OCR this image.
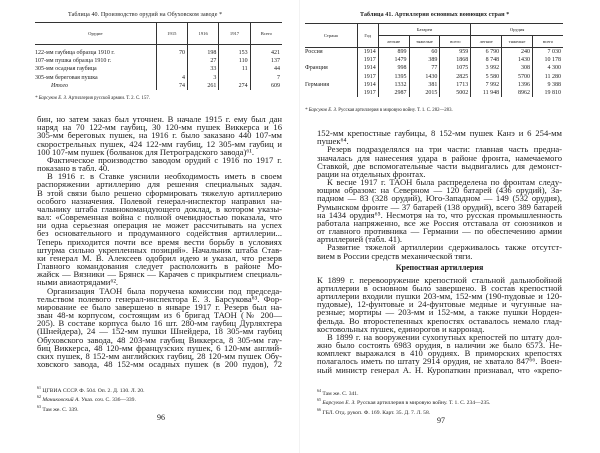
Таблица 40. Производство орудий на Обуховском заводе *
Орудие	1915	1916	1917	Всего
122-мм гаубица образца 1910 г.	70	198	153	421
107-мм пушка образца 1910 г.		27	110	137
305-мм осадная гаубица		33	11	44
305-мм береговая пушка	4	3		7
Итого	74	261	274	609
* Барсуков Е. З. Артиллерия русской армии. Т. 2. С. 157.
бин, но затем заказ был уточнен. В начале 1915 г. ему был дан
наряд на 70 122-мм гаубиц, 30 120-мм пушек Виккерса и 16
305-мм береговых пушек, на 1916 г. было заказано 440 107-мм
скорострельных пушек, 424 122-мм гаубиц, 12 305-мм гаубиц и
100 107-мм пушек (болванок для Петроградского завода)⁶¹.
Фактическое производство заводом орудий с 1916 по 1917 г.
показано в табл. 40.
В 1916 г. в Ставке уяснили необходимость иметь в своем
распоряжении артиллерию для решения специальных задач.
В этой связи было решено сформировать тяжелую артиллерию
особого назначения. Полевой генерал-инспектор направил на-
чальнику штаба главнокомандующего доклад, в котором указы-
вал: «Современная война с полной очевидностью показала, что
ни одна серьезная операция не может рассчитывать на успех
без основательного и продуманного содействия артиллерии...
Теперь приходится почти все время вести борьбу в условиях
штурма сильно укрепленных позиций». Начальник штаба Став-
ки генерал М. В. Алексеев одобрил идею и указал, что резерв
Главного командования следует расположить в районе Мо-
жайск — Вязники — Брянск — Карачев с прикрытием специаль-
ными авиаотрядами⁶².
Организация ТАОН была поручена комиссии под председа-
тельством полевого генерал-инспектора Е. З. Барсукова⁶³. Фор-
мирование ее было завершено в январе 1917 г. Резерв был на-
зван 48-м корпусом, состоящим из 6 бригад ТАОН (№ 200—
205). В составе корпуса было 16 шт. 280-мм гаубиц Дурляхтера
(Шнейдера), 24 — 152-мм пушки Шнейдера, 18 305-мм гаубиц
Обуховского завода, 48 203-мм гаубиц Виккерса, 8 305-мм гау-
биц Виккерса, 48 120-мм французских пушек, 6 120-мм англий-
ских пушек, 8 152-мм английских гаубиц, 28 120-мм пушек Обу-
ховского завода, 48 152-мм осадных пушек (в 200 пудов), 72
$^{61}$ ЦГВИА СССР. Ф. 504. Оп. 2. Д. 130. Л. 20.
$^{62}$ Маниковский А. Указ. соч. С. 336—339.
$^{63}$ Там же. С. 339.
96
Таблица 41. Артиллерия основных воюющих стран *
Страна	Год	Батареи			Орудия		
		легкие	тяжелые	всего	легкие	тяжелые	всего
Россия	1914	899	60	959	6 790	240	7 030
	1917	1479	389	1868	8 748	1430	10 178
Франция	1914	998	77	1075	3 992	308	4 300
	1917	1395	1430	2825	5 580	5700	11 280
Германия	1914	1332	381	1713	7 992	1396	9 388
	1917	2987	2015	5002	11 948	8962	19 810
* Барсуков Е. З. Русская артиллерия в мировую войну. Т. 1. С. 282—283.
152-мм крепостные гаубицы, 8 152-мм пушек Канэ и 6 254-мм
пушек⁶⁴.
Резерв подразделялся на три части: главная часть предна-
значалась для нанесения удара в районе фронта, намечаемого
Ставкой, две вспомогательные части выдвигались для демонст-
рации на отдельных фронтах.
К весне 1917 г. ТАОН была распределена по фронтам следу-
ющим образом: на Северном — 120 батарей (436 орудий), За-
падном — 83 (328 орудий), Юго-Западном — 149 (532 орудия),
Румынском фронте — 37 батарей (138 орудий), всего 389 батарей
на 1434 орудия⁶⁵. Несмотря на то, что русская промышленность
работала напряженно, все же Россия отставала от союзников и
от главного противника — Германии — по обеспечению армии
артиллерией (табл. 41).
Развитие тяжелой артиллерии сдерживалось также отсутст-
вием в России средств механической тяги.
Крепостная артиллерия
К 1899 г. перевооружение крепостной стальной дальнобойной
артиллерии в основном было завершено. В состав крепостной
артиллерии входили пушки 203-мм, 152-мм (190-пудовые и 120-
пудовые), 12-фунтовые и 24-фунтовые медные и чугунные на-
резные; мортиры — 203-мм и 152-мм, а также пушки Норден-
фельда. Во второстепенных крепостях оставалось немало глад-
костовольных пушек, единорогов и карронад.
В 1899 г. на вооружении сухопутных крепостей по штату дол-
жно было состоять 6983 орудия, в наличии же было 6573. Не-
комплект выражался в 410 орудиях. В приморских крепостях
полагалось иметь по штату 2914 орудия, не хватало 847⁶⁶. Воен-
ный министр генерал А. Н. Куропаткин признавал, что «крепо-
$^{64}$ Там же. С. 341.
$^{65}$ Барсуков Е. З. Русская артиллерия в мировую войну. Т. 1. С. 234—235.
$^{66}$ ГБЛ. Отд. рукоп. Ф. 169. Карт. 35. Д. 7. Л. 58.
97
